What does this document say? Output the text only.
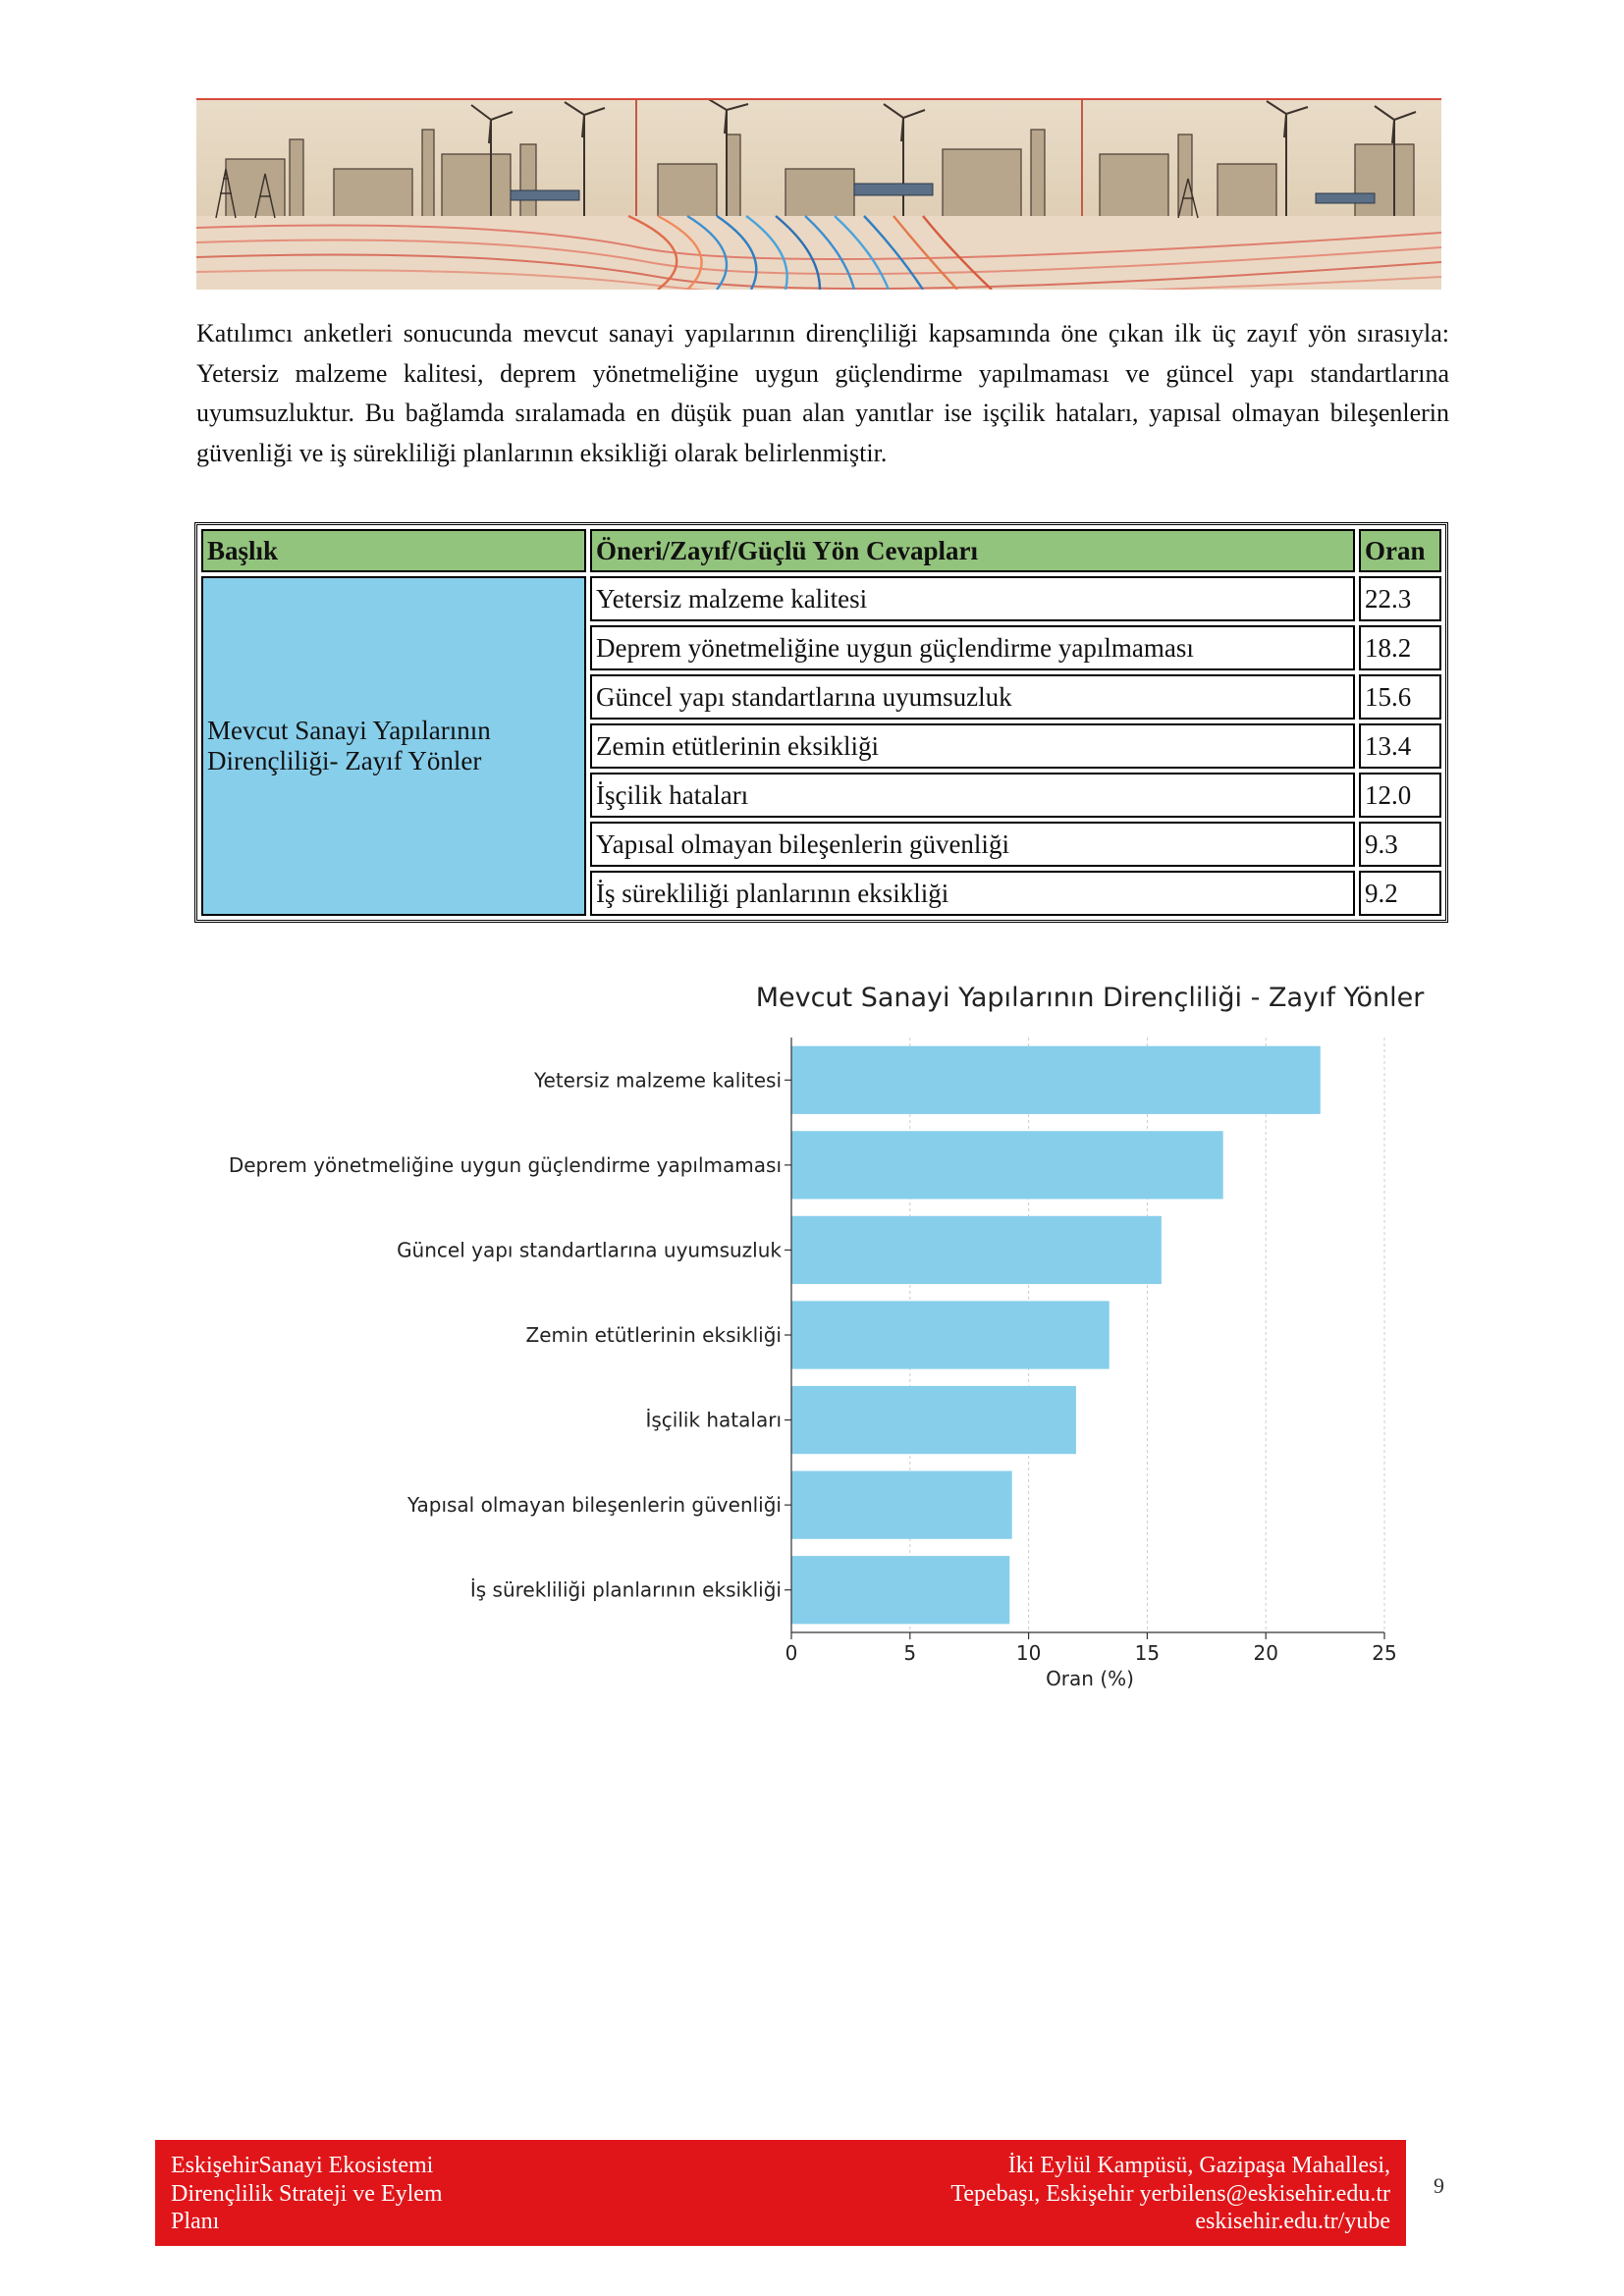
Katılımcı anketleri sonucunda mevcut sanayi yapılarının dirençliliği kapsamında öne çıkan ilk üç zayıf yön sırasıyla: Yetersiz malzeme kalitesi, deprem yönetmeliğine uygun güçlendirme yapılmaması ve güncel yapı standartlarına uyumsuzluktur. Bu bağlamda sıralamada en düşük puan alan yanıtlar ise işçilik hataları, yapısal olmayan bileşenlerin güvenliği ve iş sürekliliği planlarının eksikliği olarak belirlenmiştir.

Başlık	Öneri/Zayıf/Güçlü Yön Cevapları	Oran
Mevcut Sanayi Yapılarının Dirençliliği- Zayıf Yönler	Yetersiz malzeme kalitesi	22.3
	Deprem yönetmeliğine uygun güçlendirme yapılmaması	18.2
	Güncel yapı standartlarına uyumsuzluk	15.6
	Zemin etütlerinin eksikliği	13.4
	İşçilik hataları	12.0
	Yapısal olmayan bileşenlerin güvenliği	9.3
	İş sürekliliği planlarının eksikliği	9.2
Mevcut Sanayi Yapılarının Dirençliliği - Zayıf Yönler
0	5	10	15	20	25
İş sürekliliği planlarının eksikliği
Yapısal olmayan bileşenlerin güvenliği
İşçilik hataları
Zemin etütlerinin eksikliği
Güncel yapı standartlarına uyumsuzluk
Deprem yönetmeliğine uygun güçlendirme yapılmaması
Yetersiz malzeme kalitesi
Oran (%)
EskişehirSanayi Ekosistemi
Dirençlilik Strateji ve Eylem
Planı
İki Eylül Kampüsü, Gazipaşa Mahallesi,
Tepebaşı, Eskişehir yerbilens@eskisehir.edu.tr
eskisehir.edu.tr/yube
9
